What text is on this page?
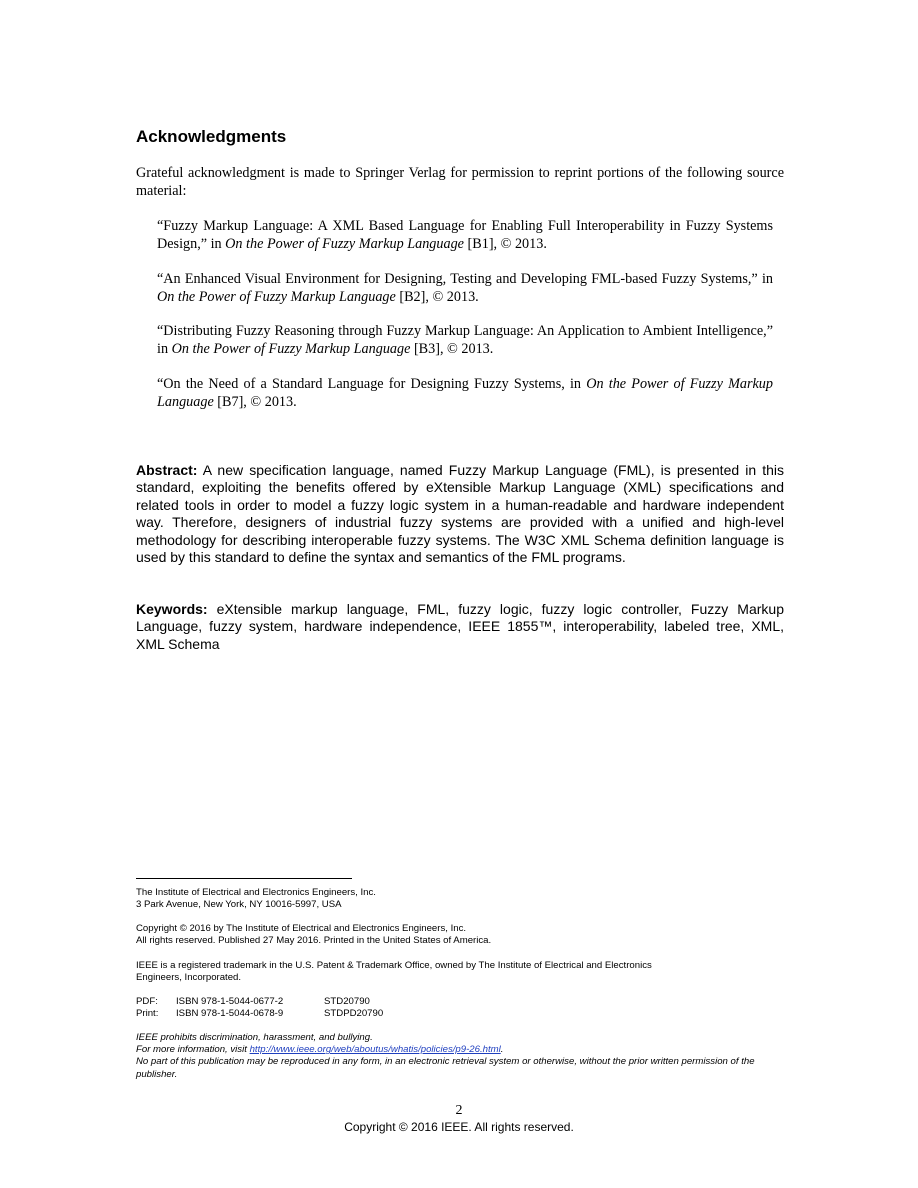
Acknowledgments
Grateful acknowledgment is made to Springer Verlag for permission to reprint portions of the following source material:
“Fuzzy Markup Language: A XML Based Language for Enabling Full Interoperability in Fuzzy Systems Design,” in On the Power of Fuzzy Markup Language [B1], © 2013.
“An Enhanced Visual Environment for Designing, Testing and Developing FML-based Fuzzy Systems,” in On the Power of Fuzzy Markup Language [B2], © 2013.
“Distributing Fuzzy Reasoning through Fuzzy Markup Language: An Application to Ambient Intelligence,” in On the Power of Fuzzy Markup Language [B3], © 2013.
“On the Need of a Standard Language for Designing Fuzzy Systems, in On the Power of Fuzzy Markup Language [B7], © 2013.
Abstract: A new specification language, named Fuzzy Markup Language (FML), is presented in this standard, exploiting the benefits offered by eXtensible Markup Language (XML) specifications and related tools in order to model a fuzzy logic system in a human-readable and hardware independent way. Therefore, designers of industrial fuzzy systems are provided with a unified and high-level methodology for describing interoperable fuzzy systems. The W3C XML Schema definition language is used by this standard to define the syntax and semantics of the FML programs.
Keywords: eXtensible markup language, FML, fuzzy logic, fuzzy logic controller, Fuzzy Markup Language, fuzzy system, hardware independence, IEEE 1855™, interoperability, labeled tree, XML, XML Schema
The Institute of Electrical and Electronics Engineers, Inc.
3 Park Avenue, New York, NY 10016-5997, USA
Copyright © 2016 by The Institute of Electrical and Electronics Engineers, Inc.
All rights reserved. Published 27 May 2016. Printed in the United States of America.
IEEE is a registered trademark in the U.S. Patent & Trademark Office, owned by The Institute of Electrical and Electronics
Engineers, Incorporated.
PDF: ISBN 978-1-5044-0677-2	STD20790
Print: ISBN 978-1-5044-0678-9	STDPD20790
IEEE prohibits discrimination, harassment, and bullying.
For more information, visit http://www.ieee.org/web/aboutus/whatis/policies/p9-26.html.
No part of this publication may be reproduced in any form, in an electronic retrieval system or otherwise, without the prior written permission of the publisher.
2
Copyright © 2016 IEEE. All rights reserved.
